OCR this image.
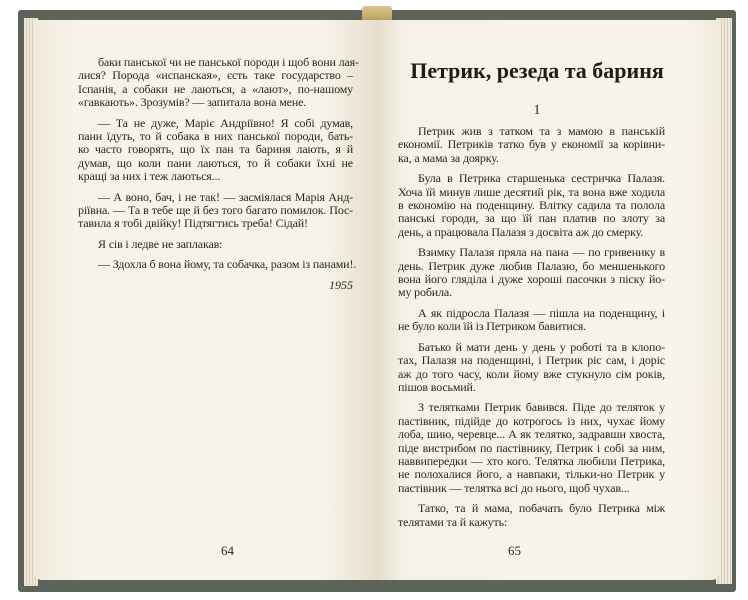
баки панської чи не панської породи і щоб вони лая-
лися? Порода «испанская», єсть таке государство –
Іспанія, а собаки не лаються, а «лают», по-нашому
«гавкають». Зрозумів? — запитала вона мене.
— Та не дуже, Маріє Андріївно! Я собі думав,
пани їдуть, то й собака в них панської породи, бать-
ко часто говорять, що їх пан та бариня лають, я й
думав, що коли пани лаються, то й собаки їхні не
кращі за них і теж лаються...
— А воно, бач, і не так! — засміялася Марія Анд-
ріївна. — Та в тебе ще й без того багато помилок. Пос-
тавила я тобі двійку! Підтягтись треба! Сідай!
Я сів і ледве не заплакав:
— Здохла б вона йому, та собачка, разом із панами!.
1955
64
Петрик, резеда та бариня
1
Петрик жив з татком та з мамою в панській
економії. Петриків татко був у економії за корівни-
ка, а мама за доярку.
Була в Петрика старшенька сестричка Палазя.
Хоча їй минув лише десятий рік, та вона вже ходила
в економію на поденщину. Влітку садила та полола
панські городи, за що їй пан платив по злоту за
день, а працювала Палазя з досвіта аж до смерку.
Взимку Палазя пряла на пана — по гривенику в
день. Петрик дуже любив Палазю, бо меншенького
вона його гляділа і дуже хороші пасочки з піску йо-
му робила.
А як підросла Палазя — пішла на поденщину, і
не було коли їй із Петриком бавитися.
Батько й мати день у день у роботі та в клопо-
тах, Палазя на поденщині, і Петрик ріс сам, і доріс
аж до того часу, коли йому вже стукнуло сім років,
пішов восьмий.
З телятками Петрик бавився. Піде до теляток у
пастівник, підійде до котрогось із них, чухає йому
лоба, шию, черевце... А як телятко, задравши хвоста,
піде вистрибом по пастівнику, Петрик і собі за ним,
наввипередки — хто кого. Телятка любили Петрика,
не полохалися його, а навпаки, тільки-но Петрик у
пастівник — телятка всі до нього, щоб чухав...
Татко, та й мама, побачать було Петрика між
телятами та й кажуть:
65
